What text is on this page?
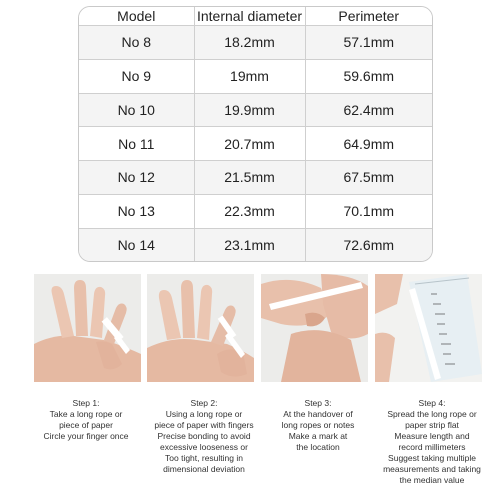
Model	Internal diameter	Perimeter
No 8	18.2mm	57.1mm
No 9	19mm	59.6mm
No 10	19.9mm	62.4mm
No 11	20.7mm	64.9mm
No 12	21.5mm	67.5mm
No 13	22.3mm	70.1mm
No 14	23.1mm	72.6mm
Step 1:
Take a long rope or
piece of paper
Circle your finger once
Step 2:
Using a long rope or
piece of paper with fingers
Precise bonding to avoid
excessive looseness or
Too tight, resulting in
dimensional deviation
Step 3:
At the handover of
long ropes or notes
Make a mark at
the location
Step 4:
Spread the long rope or
paper strip flat
Measure length and
record millimeters
Suggest taking multiple
measurements and taking
the median value
